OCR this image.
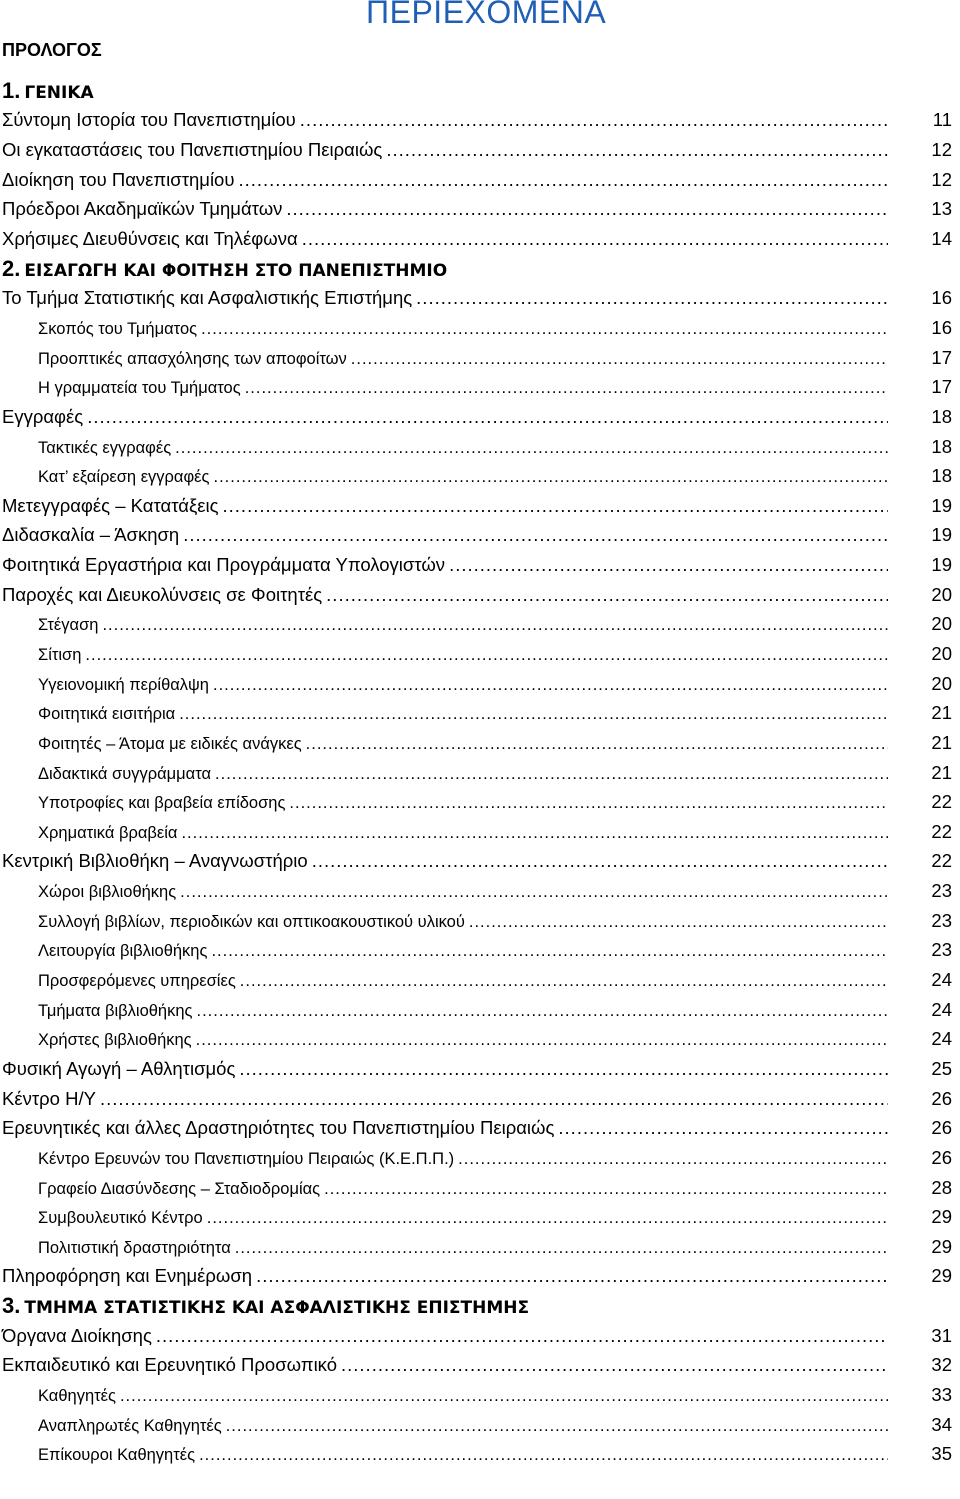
ΠΕΡΙΕΧΟΜΕΝΑ
ΠΡΟΛΟΓΟΣ
1. ΓΕΝΙΚΑ
Σύντομη Ιστορία του Πανεπιστημίου .....	11
Οι εγκαταστάσεις του Πανεπιστημίου Πειραιώς .....	12
Διοίκηση του Πανεπιστημίου .....	12
Πρόεδροι Ακαδημαϊκών Τμημάτων .....	13
Χρήσιμες Διευθύνσεις και Τηλέφωνα .....	14
2. ΕΙΣΑΓΩΓΗ ΚΑΙ ΦΟΙΤΗΣΗ ΣΤΟ ΠΑΝΕΠΙΣΤΗΜΙΟ
Το Τμήμα Στατιστικής και Ασφαλιστικής Επιστήμης .....	16
Σκοπός του Τμήματος .....	16
Προοπτικές απασχόλησης των αποφοίτων .....	17
Η γραμματεία του Τμήματος .....	17
Εγγραφές .....	18
Τακτικές εγγραφές .....	18
Κατ’ εξαίρεση εγγραφές .....	18
Μετεγγραφές – Κατατάξεις .....	19
Διδασκαλία – Άσκηση .....	19
Φοιτητικά Εργαστήρια και Προγράμματα Υπολογιστών .....	19
Παροχές και Διευκολύνσεις σε Φοιτητές .....	20
Στέγαση .....	20
Σίτιση .....	20
Υγειονομική περίθαλψη .....	20
Φοιτητικά εισιτήρια .....	21
Φοιτητές – Άτομα με ειδικές ανάγκες .....	21
Διδακτικά συγγράμματα .....	21
Υποτροφίες και βραβεία επίδοσης .....	22
Χρηματικά βραβεία .....	22
Κεντρική Βιβλιοθήκη – Αναγνωστήριο .....	22
Χώροι βιβλιοθήκης .....	23
Συλλογή βιβλίων, περιοδικών και οπτικοακουστικού υλικού .....	23
Λειτουργία βιβλιοθήκης .....	23
Προσφερόμενες υπηρεσίες .....	24
Τμήματα βιβλιοθήκης .....	24
Χρήστες βιβλιοθήκης .....	24
Φυσική Αγωγή – Αθλητισμός .....	25
Κέντρο Η/Υ .....	26
Ερευνητικές και άλλες Δραστηριότητες του Πανεπιστημίου Πειραιώς .....	26
Κέντρο Ερευνών του Πανεπιστημίου Πειραιώς (Κ.Ε.Π.Π.) .....	26
Γραφείο Διασύνδεσης – Σταδιοδρομίας .....	28
Συμβουλευτικό Κέντρο .....	29
Πολιτιστική δραστηριότητα .....	29
Πληροφόρηση και Ενημέρωση .....	29
3. ΤΜΗΜΑ ΣΤΑΤΙΣΤΙΚΗΣ ΚΑΙ ΑΣΦΑΛΙΣΤΙΚΗΣ ΕΠΙΣΤΗΜΗΣ
Όργανα Διοίκησης .....	31
Εκπαιδευτικό και Ερευνητικό Προσωπικό .....	32
Καθηγητές .....	33
Αναπληρωτές Καθηγητές .....	34
Επίκουροι Καθηγητές .....	35
